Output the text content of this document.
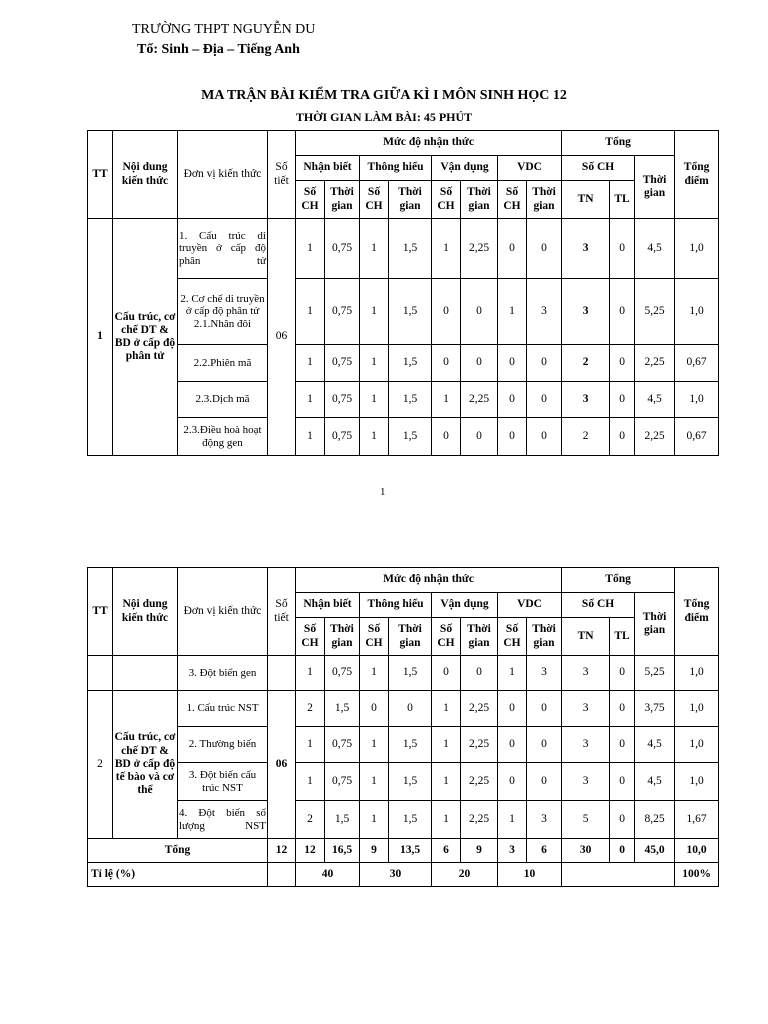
TRƯỜNG THPT NGUYỄN DU
Tổ: Sinh – Địa – Tiếng Anh
MA TRẬN BÀI KIỂM TRA GIỮA KÌ I MÔN SINH HỌC 12
THỜI GIAN LÀM BÀI: 45 PHÚT
TT	Nội dung kiến thức	Đơn vị kiến thức	Số tiết	Mức độ nhận thức								Tổng			Tổng điểm
				Nhận biết		Thông hiểu		Vận dụng		VDC		Số CH		Thời gian	
				Số CH	Thời gian	Số CH	Thời gian	Số CH	Thời gian	Số CH	Thời gian	TN	TL		
1	Cấu trúc, cơ chế DT & BD ở cấp độ phân tử	1. Cấu trúc di truyền ở cấp độ phân tử	06	1	0,75	1	1,5	1	2,25	0	0	3	0	4,5	1,0
		2. Cơ chế di truyền ở cấp độ phân tử 2.1.Nhân đôi		1	0,75	1	1,5	0	0	1	3	3	0	5,25	1,0
		2.2.Phiên mã		1	0,75	1	1,5	0	0	0	0	2	0	2,25	0,67
		2.3.Dịch mã		1	0,75	1	1,5	1	2,25	0	0	3	0	4,5	1,0
		2.3.Điều hoà hoạt động gen		1	0,75	1	1,5	0	0	0	0	2	0	2,25	0,67
1
TT	Nội dung kiến thức	Đơn vị kiến thức	Số tiết	Mức độ nhận thức								Tổng			Tổng điểm
				Nhận biết		Thông hiểu		Vận dụng		VDC		Số CH		Thời gian	
				Số CH	Thời gian	Số CH	Thời gian	Số CH	Thời gian	Số CH	Thời gian	TN	TL		
		3. Đột biến gen		1	0,75	1	1,5	0	0	1	3	3	0	5,25	1,0
2	Cấu trúc, cơ chế DT & BD ở cấp độ tế bào và cơ thể	1. Cấu trúc NST	06	2	1,5	0	0	1	2,25	0	0	3	0	3,75	1,0
		2. Thường biến		1	0,75	1	1,5	1	2,25	0	0	3	0	4,5	1,0
		3. Đột biến cấu trúc NST		1	0,75	1	1,5	1	2,25	0	0	3	0	4,5	1,0
		4. Đột biến số lượng NST		2	1,5	1	1,5	1	2,25	1	3	5	0	8,25	1,67
Tổng			12	12	16,5	9	13,5	6	9	3	6	30	0	45,0	10,0
Tỉ lệ (%)				40		30		20		10					100%
